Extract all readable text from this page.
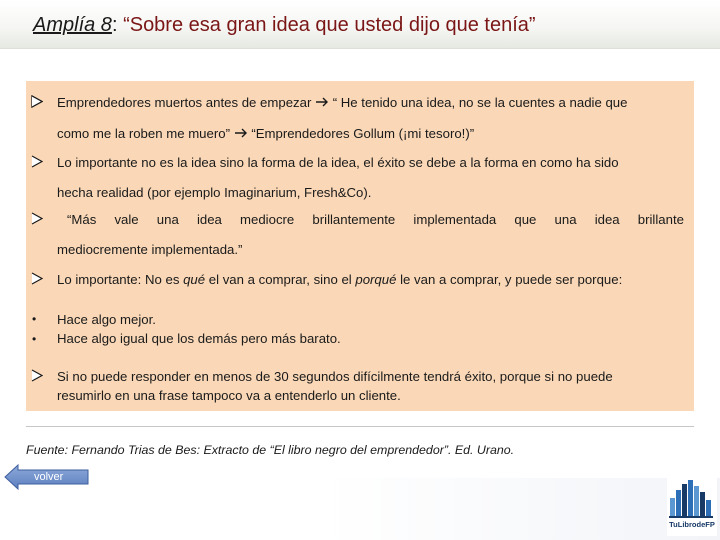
Amplía 8: “Sobre esa gran idea que usted dijo que tenía”
Emprendedores muertos antes de empezar “ He tenido una idea, no se la cuentes a nadie que
como me la roben me muero” “Emprendedores Gollum (¡mi tesoro!)”
Lo importante no es la idea sino la forma de la idea, el éxito se debe a la forma en como ha sido
hecha realidad (por ejemplo Imaginarium, Fresh&Co).
“Más vale una idea mediocre brillantemente implementada que una idea brillante
mediocremente implementada.”
Lo importante: No es qué el van a comprar, sino el porqué le van a comprar, y puede ser porque:
• Hace algo mejor.
• Hace algo igual que los demás pero más barato.
Si no puede responder en menos de 30 segundos difícilmente tendrá éxito, porque si no puede
resumirlo en una frase tampoco va a entenderlo un cliente.
Fuente: Fernando Trias de Bes: Extracto de “El libro negro del emprendedor”. Ed. Urano.
volver
TuLibrodeFP
